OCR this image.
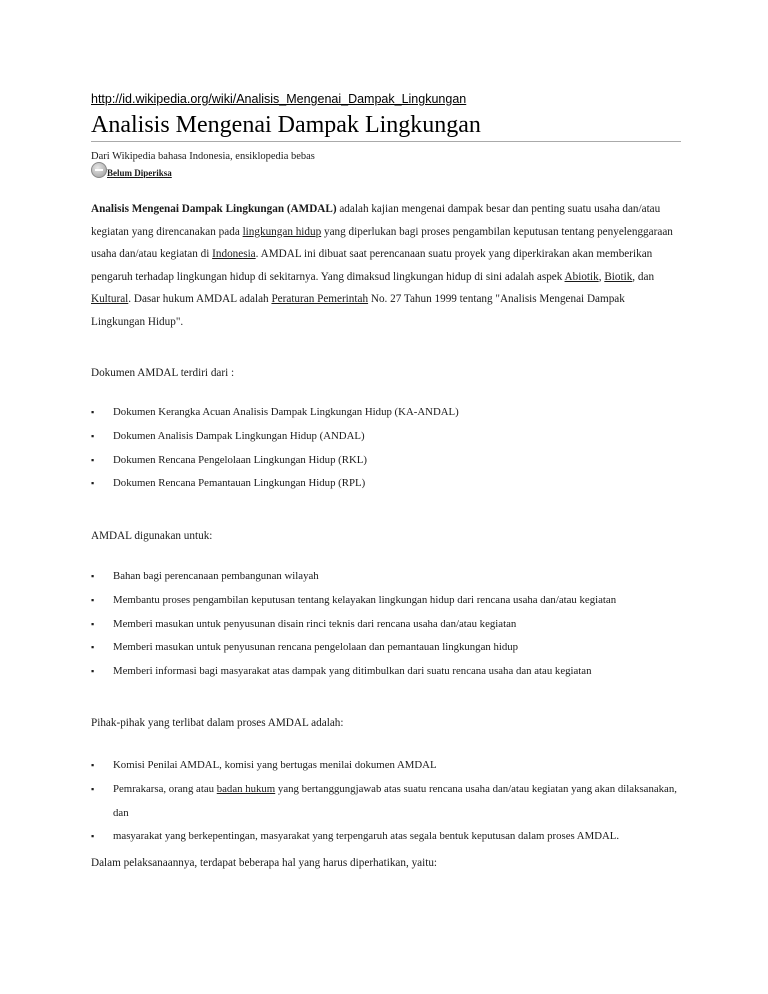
http://id.wikipedia.org/wiki/Analisis_Mengenai_Dampak_Lingkungan
Analisis Mengenai Dampak Lingkungan
Dari Wikipedia bahasa Indonesia, ensiklopedia bebas
Belum Diperiksa

Analisis Mengenai Dampak Lingkungan (AMDAL) adalah kajian mengenai dampak besar dan penting suatu usaha dan/atau kegiatan yang direncanakan pada lingkungan hidup yang diperlukan bagi proses pengambilan keputusan tentang penyelenggaraan usaha dan/atau kegiatan di Indonesia. AMDAL ini dibuat saat perencanaan suatu proyek yang diperkirakan akan memberikan pengaruh terhadap lingkungan hidup di sekitarnya. Yang dimaksud lingkungan hidup di sini adalah aspek Abiotik, Biotik, dan Kultural. Dasar hukum AMDAL adalah Peraturan Pemerintah No. 27 Tahun 1999 tentang "Analisis Mengenai Dampak Lingkungan Hidup".

Dokumen AMDAL terdiri dari :
▪ Dokumen Kerangka Acuan Analisis Dampak Lingkungan Hidup (KA-ANDAL)
▪ Dokumen Analisis Dampak Lingkungan Hidup (ANDAL)
▪ Dokumen Rencana Pengelolaan Lingkungan Hidup (RKL)
▪ Dokumen Rencana Pemantauan Lingkungan Hidup (RPL)
AMDAL digunakan untuk:
▪ Bahan bagi perencanaan pembangunan wilayah
▪ Membantu proses pengambilan keputusan tentang kelayakan lingkungan hidup dari rencana usaha dan/atau kegiatan
▪ Memberi masukan untuk penyusunan disain rinci teknis dari rencana usaha dan/atau kegiatan
▪ Memberi masukan untuk penyusunan rencana pengelolaan dan pemantauan lingkungan hidup
▪ Memberi informasi bagi masyarakat atas dampak yang ditimbulkan dari suatu rencana usaha dan atau kegiatan
Pihak-pihak yang terlibat dalam proses AMDAL adalah:
▪ Komisi Penilai AMDAL, komisi yang bertugas menilai dokumen AMDAL
▪ Pemrakarsa, orang atau badan hukum yang bertanggungjawab atas suatu rencana usaha dan/atau kegiatan yang akan dilaksanakan, dan
▪ masyarakat yang berkepentingan, masyarakat yang terpengaruh atas segala bentuk keputusan dalam proses AMDAL.
Dalam pelaksanaannya, terdapat beberapa hal yang harus diperhatikan, yaitu:
